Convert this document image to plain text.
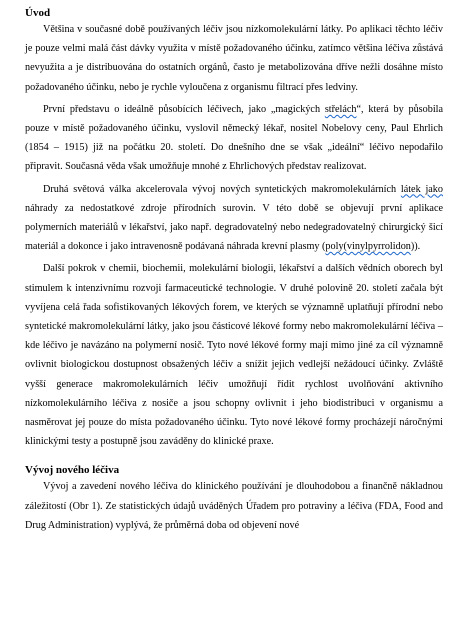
Úvod

Většina v současné době používaných léčiv jsou nízkomolekulární látky. Po aplikaci těchto léčiv je pouze velmi malá část dávky využita v místě požadovaného účinku, zatímco většina léčiva zůstává nevyužita a je distribuována do ostatních orgánů, často je metabolizována dříve nežli dosáhne místo požadovaného účinku, nebo je rychle vyloučena z organismu filtrací přes ledviny.

První představu o ideálně působících léčivech, jako „magických střelách“, která by působila pouze v místě požadovaného účinku, vyslovil německý lékař, nositel Nobelovy ceny, Paul Ehrlich (1854 – 1915) již na počátku 20. století. Do dnešního dne se však „ideální“ léčivo nepodařilo připravit. Současná věda však umožňuje mnohé z Ehrlichových představ realizovat.

Druhá světová válka akcelerovala vývoj nových syntetických makromolekulárních látek jako náhrady za nedostatkové zdroje přírodních surovin. V této době se objevují první aplikace polymerních materiálů v lékařství, jako např. degradovatelný nebo nedegradovatelný chirurgický šicí materiál a dokonce i jako intravenosně podávaná náhrada krevní plasmy (poly(vinylpyrrolidon)).

Další pokrok v chemii, biochemii, molekulární biologii, lékařství a dalších vědních oborech byl stimulem k intenzivnímu rozvoji farmaceutické technologie. V druhé polovině 20. století začala být vyvíjena celá řada sofistikovaných lékových forem, ve kterých se významně uplatňují přírodní nebo syntetické makromolekulární látky, jako jsou částicové lékové formy nebo makromolekulární léčiva – kde léčivo je navázáno na polymerní nosič. Tyto nové lékové formy mají mimo jiné za cíl významně ovlivnit biologickou dostupnost obsažených léčiv a snížit jejich vedlejší nežádoucí účinky. Zvláště vyšší generace makromolekulárních léčiv umožňují řídit rychlost uvolňování aktivního nízkomolekulárního léčiva z nosiče a jsou schopny ovlivnit i jeho biodistribuci v organismu a nasměrovat jej pouze do místa požadovaného účinku. Tyto nové lékové formy procházejí náročnými klinickými testy a postupně jsou zaváděny do klinické praxe.

Vývoj nového léčiva

Vývoj a zavedení nového léčiva do klinického používání je dlouhodobou a finančně nákladnou záležitostí (Obr 1). Ze statistických údajů uváděných Úřadem pro potraviny a léčiva (FDA, Food and Drug Administration) vyplývá, že průměrná doba od objevení nové
